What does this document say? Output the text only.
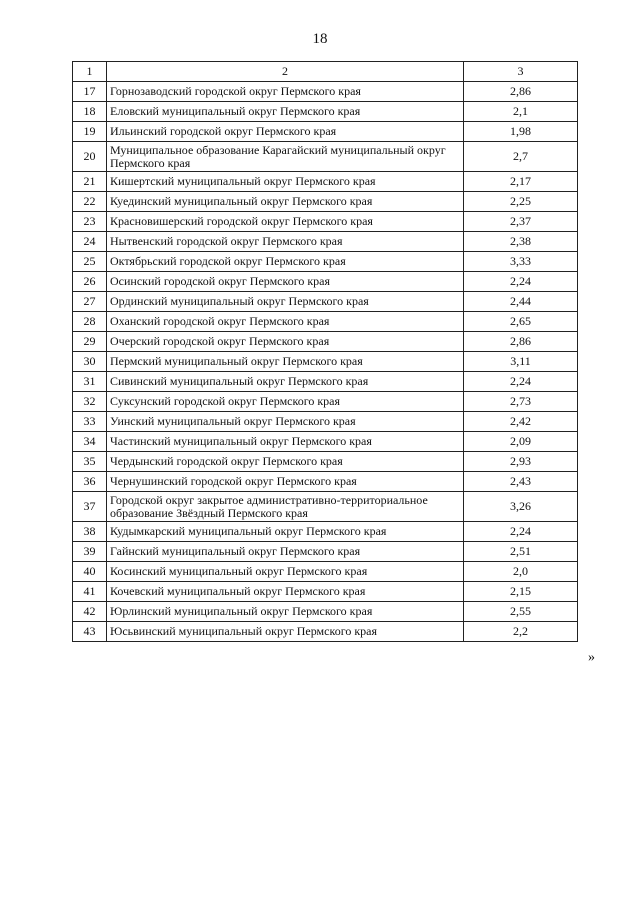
18
1	2	3
17	Горнозаводский городской округ Пермского края	2,86
18	Еловский муниципальный округ Пермского края	2,1
19	Ильинский городской округ Пермского края	1,98
20	Муниципальное образование Карагайский муниципальный округ Пермского края	2,7
21	Кишертский муниципальный округ Пермского края	2,17
22	Куединский муниципальный округ Пермского края	2,25
23	Красновишерский городской округ Пермского края	2,37
24	Нытвенский городской округ Пермского края	2,38
25	Октябрьский городской округ Пермского края	3,33
26	Осинский городской округ Пермского края	2,24
27	Ординский муниципальный округ Пермского края	2,44
28	Оханский городской округ Пермского края	2,65
29	Очерский городской округ Пермского края	2,86
30	Пермский муниципальный округ Пермского края	3,11
31	Сивинский муниципальный округ Пермского края	2,24
32	Суксунский городской округ Пермского края	2,73
33	Уинский муниципальный округ Пермского края	2,42
34	Частинский муниципальный округ Пермского края	2,09
35	Чердынский городской округ Пермского края	2,93
36	Чернушинский городской округ Пермского края	2,43
37	Городской округ закрытое административно-территориальное образование Звёздный Пермского края	3,26
38	Кудымкарский муниципальный округ Пермского края	2,24
39	Гайнский муниципальный округ Пермского края	2,51
40	Косинский муниципальный округ Пермского края	2,0
41	Кочевский муниципальный округ Пермского края	2,15
42	Юрлинский муниципальный округ Пермского края	2,55
43	Юсьвинский муниципальный округ Пермского края	2,2
»
